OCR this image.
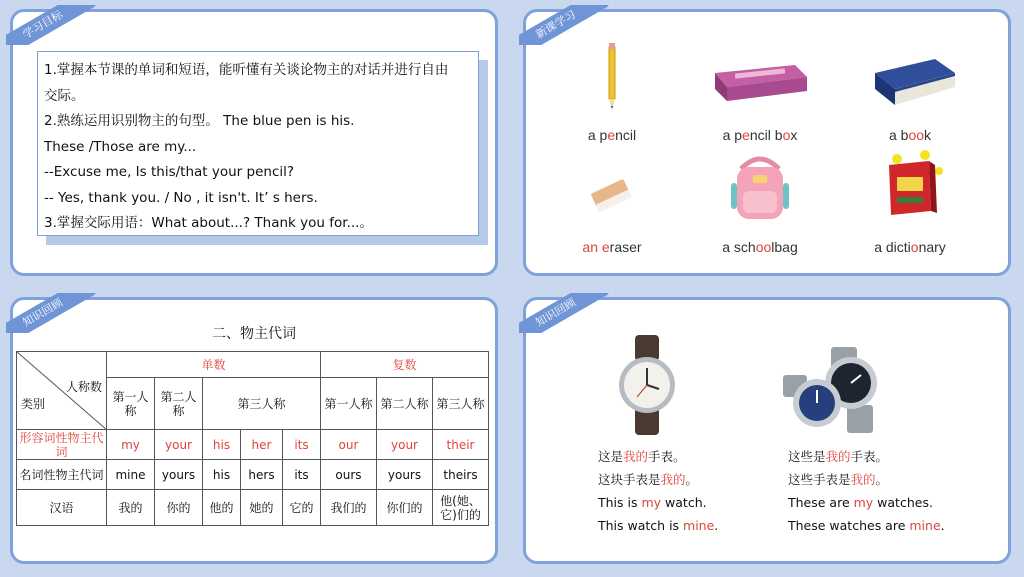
学习目标

1.掌握本节课的单词和短语，能听懂有关谈论物主的对话并进行自由

交际。

2.熟练运用识别物主的句型。 The blue pen is his.

These /Those are my...

--Excuse me, Is this/that your pencil?

-- Yes, thank you. / No , it isn't. It’ s hers.

3.掌握交际用语：What about...? Thank you for...。

新课学习
a pencil	a pencil box	a book
an eraser	a schoolbag	a dictionary
知识回顾
二、物主代词
人称数
类别	单数					复数		
	第一人称	第二人称	第三人称			第一人称	第二人称	第三人称
形容词性物主代词	my	your	his	her	its	our	your	their
名词性物主代词	mine	yours	his	hers	its	ours	yours	theirs
汉语	我的	你的	他的	她的	它的	我们的	你们的	他(她、它)们的
知识回顾
这是我的手表。
这块手表是我的。
This is my watch.
This watch is mine.
这些是我的手表。
这些手表是我的。
These are my watches.
These watches are mine.
